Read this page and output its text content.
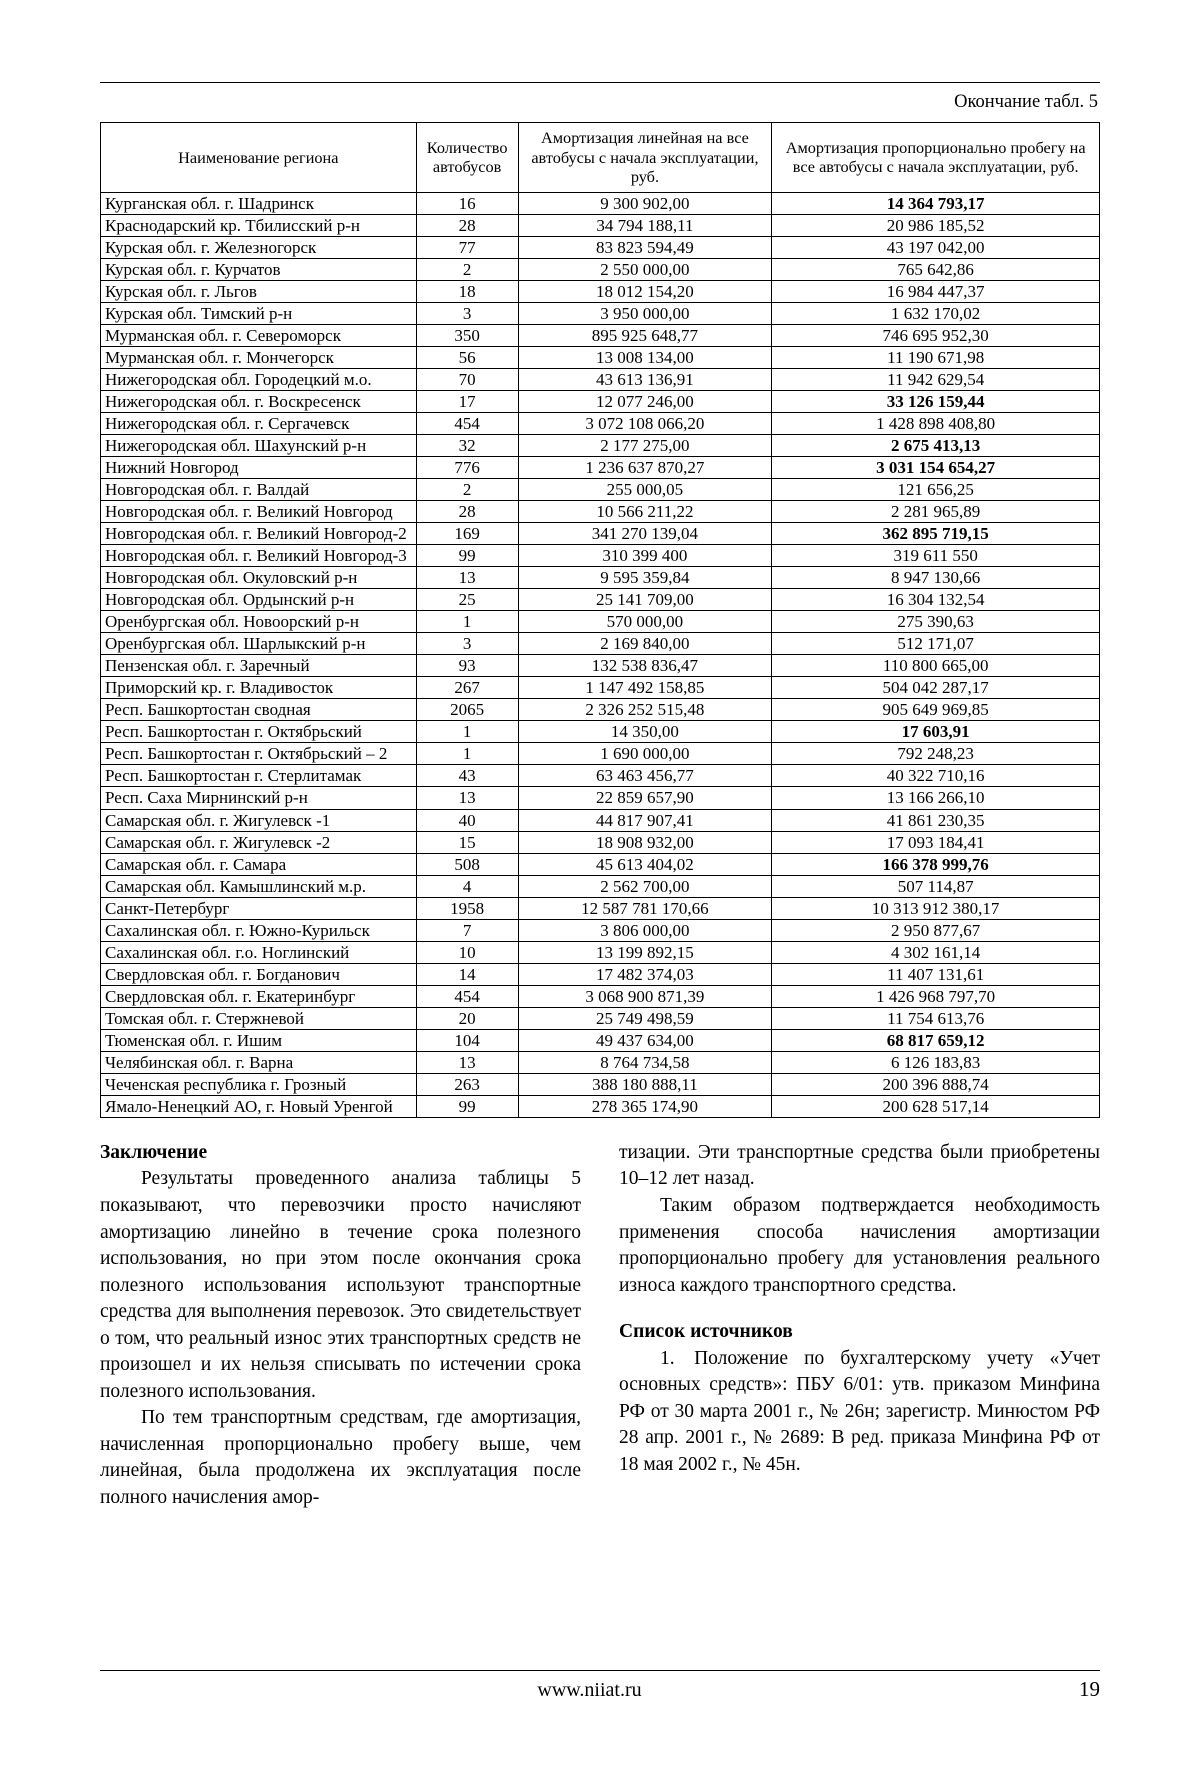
Окончание табл. 5
Наименование региона	Количество автобусов	Амортизация линейная на все автобусы с начала эксплуатации, руб.	Амортизация пропорционально пробегу на все автобусы с начала эксплуатации, руб.
Курганская обл. г. Шадринск	16	9 300 902,00	14 364 793,17
Краснодарский кр. Тбилисский р-н	28	34 794 188,11	20 986 185,52
Курская обл. г. Железногорск	77	83 823 594,49	43 197 042,00
Курская обл. г. Курчатов	2	2 550 000,00	765 642,86
Курская обл. г. Льгов	18	18 012 154,20	16 984 447,37
Курская обл. Тимский р-н	3	3 950 000,00	1 632 170,02
Мурманская обл. г. Североморск	350	895 925 648,77	746 695 952,30
Мурманская обл. г. Мончегорск	56	13 008 134,00	11 190 671,98
Нижегородская обл. Городецкий м.о.	70	43 613 136,91	11 942 629,54
Нижегородская обл. г. Воскресенск	17	12 077 246,00	33 126 159,44
Нижегородская обл. г. Сергачевск	454	3 072 108 066,20	1 428 898 408,80
Нижегородская обл. Шахунский р-н	32	2 177 275,00	2 675 413,13
Нижний Новгород	776	1 236 637 870,27	3 031 154 654,27
Новгородская обл. г. Валдай	2	255 000,05	121 656,25
Новгородская обл. г. Великий Новгород	28	10 566 211,22	2 281 965,89
Новгородская обл. г. Великий Новгород-2	169	341 270 139,04	362 895 719,15
Новгородская обл. г. Великий Новгород-3	99	310 399 400	319 611 550
Новгородская обл. Окуловский р-н	13	9 595 359,84	8 947 130,66
Новгородская обл. Ордынский р-н	25	25 141 709,00	16 304 132,54
Оренбургская обл. Новоорский р-н	1	570 000,00	275 390,63
Оренбургская обл. Шарлыкский р-н	3	2 169 840,00	512 171,07
Пензенская обл. г. Заречный	93	132 538 836,47	110 800 665,00
Приморский кр. г. Владивосток	267	1 147 492 158,85	504 042 287,17
Респ. Башкортостан сводная	2065	2 326 252 515,48	905 649 969,85
Респ. Башкортостан г. Октябрьский	1	14 350,00	17 603,91
Респ. Башкортостан г. Октябрьский – 2	1	1 690 000,00	792 248,23
Респ. Башкортостан г. Стерлитамак	43	63 463 456,77	40 322 710,16
Респ. Саха Мирнинский р-н	13	22 859 657,90	13 166 266,10
Самарская обл. г. Жигулевск -1	40	44 817 907,41	41 861 230,35
Самарская обл. г. Жигулевск -2	15	18 908 932,00	17 093 184,41
Самарская обл. г. Самара	508	45 613 404,02	166 378 999,76
Самарская обл. Камышлинский м.р.	4	2 562 700,00	507 114,87
Санкт-Петербург	1958	12 587 781 170,66	10 313 912 380,17
Сахалинская обл. г. Южно-Курильск	7	3 806 000,00	2 950 877,67
Сахалинская обл. г.о. Ноглинский	10	13 199 892,15	4 302 161,14
Свердловская обл. г. Богданович	14	17 482 374,03	11 407 131,61
Свердловская обл. г. Екатеринбург	454	3 068 900 871,39	1 426 968 797,70
Томская обл. г. Стержневой	20	25 749 498,59	11 754 613,76
Тюменская обл. г. Ишим	104	49 437 634,00	68 817 659,12
Челябинская обл. г. Варна	13	8 764 734,58	6 126 183,83
Чеченская республика г. Грозный	263	388 180 888,11	200 396 888,74
Ямало-Ненецкий АО, г. Новый Уренгой	99	278 365 174,90	200 628 517,14

Заключение

Результаты проведенного анализа таблицы 5 показывают, что перевозчики просто начисляют амортизацию линейно в течение срока полезного использования, но при этом после окончания срока полезного использования используют транспортные средства для выполнения перевозок. Это свидетельствует о том, что реальный износ этих транспортных средств не произошел и их нельзя списывать по истечении срока полезного использования.

По тем транспортным средствам, где амортизация, начисленная пропорционально пробегу выше, чем линейная, была продолжена их эксплуатация после полного начисления амор-

тизации. Эти транспортные средства были приобретены 10–12 лет назад.

Таким образом подтверждается необходимость применения способа начисления амортизации пропорционально пробегу для установления реального износа каждого транспортного средства.

Список источников

1. Положение по бухгалтерскому учету «Учет основных средств»: ПБУ 6/01: утв. приказом Минфина РФ от 30 марта 2001 г., № 26н; зарегистр. Минюстом РФ 28 апр. 2001 г., № 2689: В ред. приказа Минфина РФ от 18 мая 2002 г., № 45н.

www.niiat.ru	19
